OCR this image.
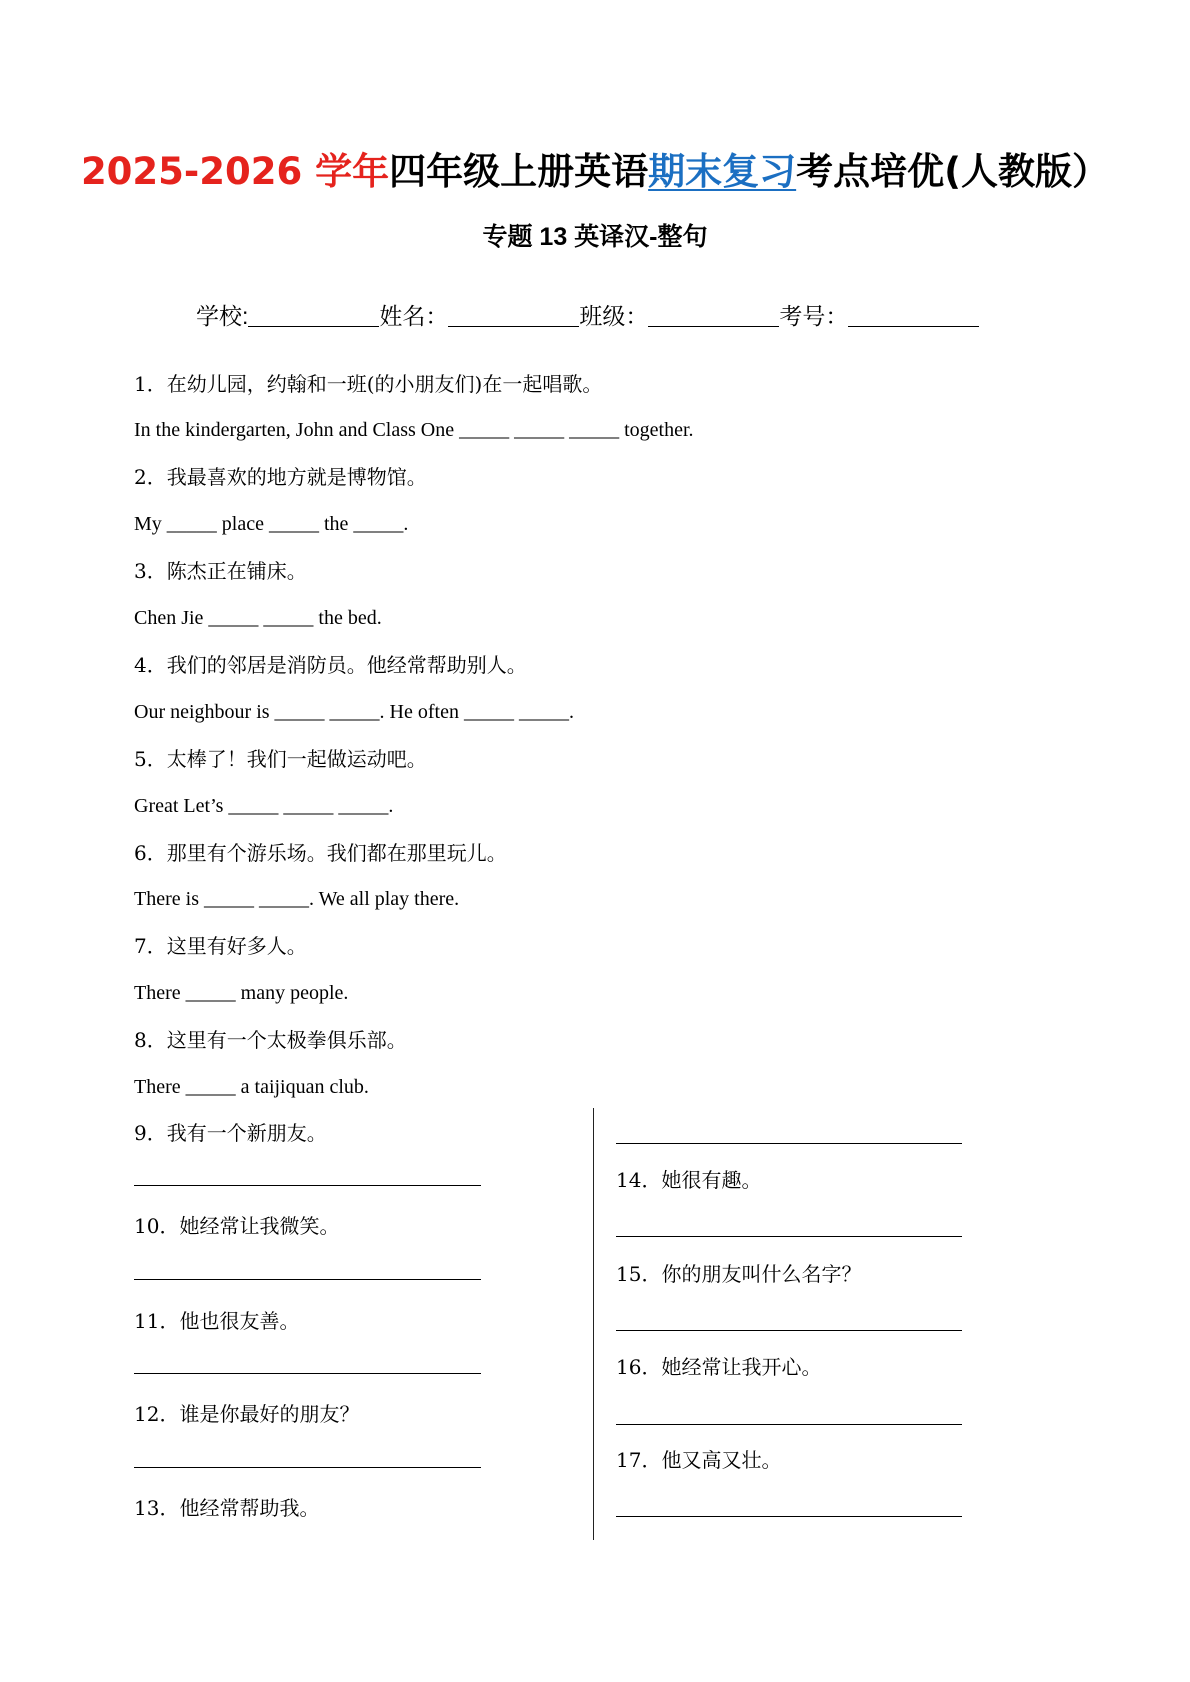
2025-2026 学年四年级上册英语期末复习考点培优(人教版）
专题 13 英译汉-整句
学校:	姓名：	班级：	考号：
1．在幼儿园，约翰和一班(的小朋友们)在一起唱歌。
In the kindergarten, John and Class One _____ _____ _____ together.
2．我最喜欢的地方就是博物馆。
My _____ place _____ the _____.
3．陈杰正在铺床。
Chen Jie _____ _____ the bed.
4．我们的邻居是消防员。他经常帮助别人。
Our neighbour is _____ _____. He often _____ _____.
5．太棒了！我们一起做运动吧。
Great Let’s _____ _____ _____.
6．那里有个游乐场。我们都在那里玩儿。
There is _____ _____. We all play there.
7．这里有好多人。
There _____ many people.
8．这里有一个太极拳俱乐部。
There _____ a taijiquan club.
9．我有一个新朋友。
10．她经常让我微笑。
11．他也很友善。
12．谁是你最好的朋友？
13．他经常帮助我。
14．她很有趣。
15．你的朋友叫什么名字？
16．她经常让我开心。
17．他又高又壮。
